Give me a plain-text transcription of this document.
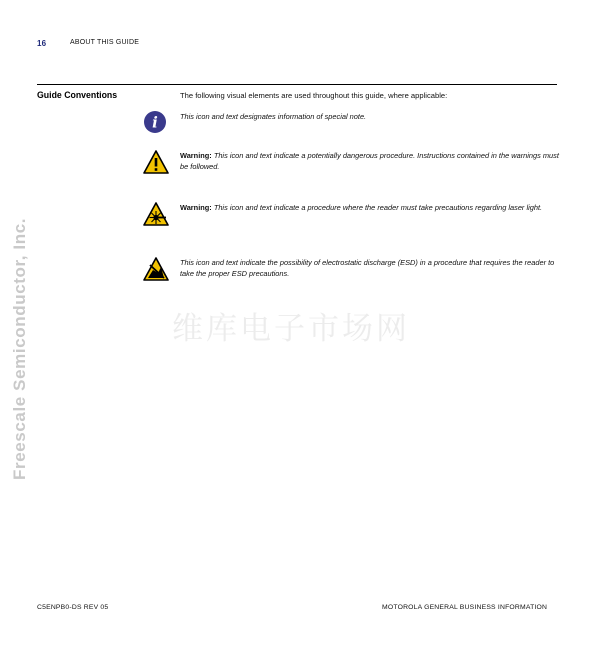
16	ABOUT THIS GUIDE
Guide Conventions	The following visual elements are used throughout this guide, where applicable:
i	This icon and text designates information of special note.
Warning: This icon and text indicate a potentially dangerous procedure. Instructions contained in the warnings must be followed.
Warning: This icon and text indicate a procedure where the reader must take precautions regarding laser light.
This icon and text indicate the possibility of electrostatic discharge (ESD) in a procedure that requires the reader to take the proper ESD precautions.
Freescale Semiconductor, Inc.	维库电子市场网
C5ENPB0-DS REV 05	MOTOROLA GENERAL BUSINESS INFORMATION
